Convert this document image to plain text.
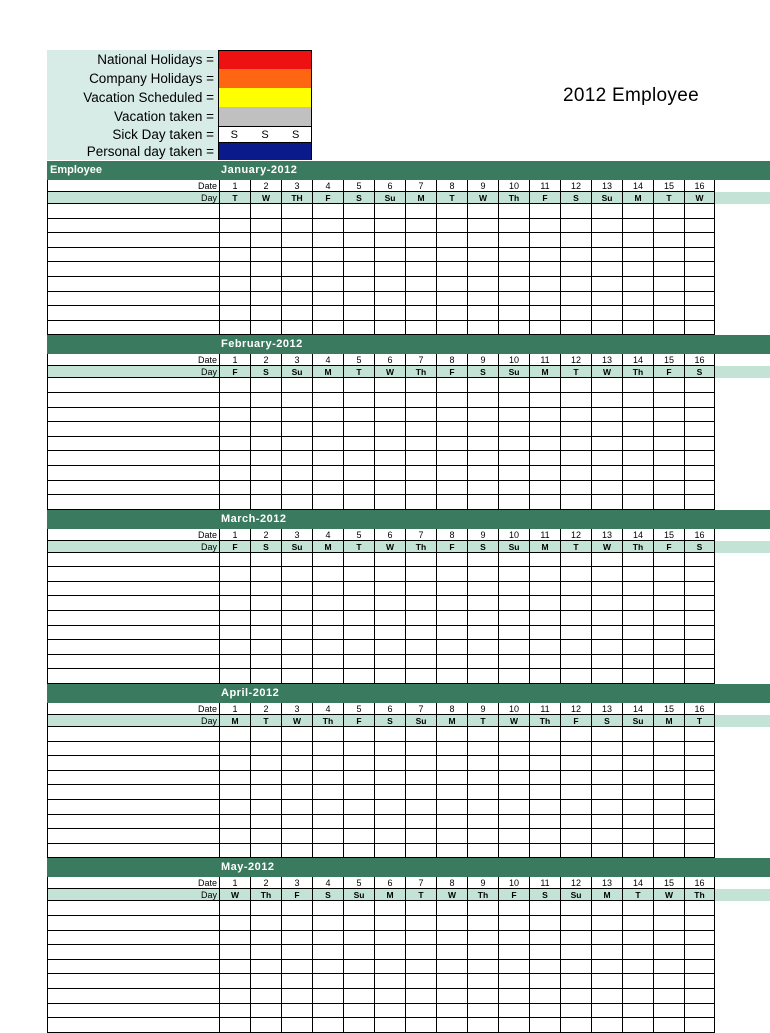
National Holidays =
Company Holidays =
Vacation Scheduled =
Vacation taken =
Sick Day taken =	S S S
Personal day taken =
2012 Employee
Employee	January-2012
Date	1	2	3	4	5	6	7	8	9	10	11	12	13	14	15	16
Day	T	W	TH	F	S	Su	M	T	W	Th	F	S	Su	M	T	W
February-2012
Date	1	2	3	4	5	6	7	8	9	10	11	12	13	14	15	16
Day	F	S	Su	M	T	W	Th	F	S	Su	M	T	W	Th	F	S
March-2012
Date	1	2	3	4	5	6	7	8	9	10	11	12	13	14	15	16
Day	F	S	Su	M	T	W	Th	F	S	Su	M	T	W	Th	F	S
April-2012
Date	1	2	3	4	5	6	7	8	9	10	11	12	13	14	15	16
Day	M	T	W	Th	F	S	Su	M	T	W	Th	F	S	Su	M	T
May-2012
Date	1	2	3	4	5	6	7	8	9	10	11	12	13	14	15	16
Day	W	Th	F	S	Su	M	T	W	Th	F	S	Su	M	T	W	Th
